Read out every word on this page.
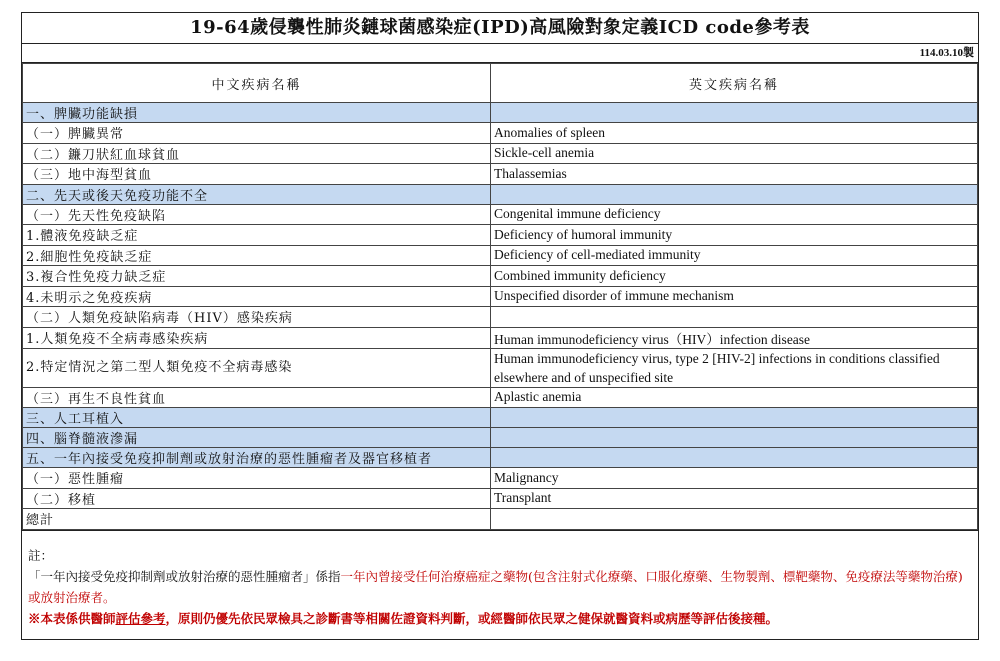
19-64歲侵襲性肺炎鏈球菌感染症(IPD)高風險對象定義ICD code參考表
114.03.10製
中文疾病名稱	英文疾病名稱
一、脾臟功能缺損	
（一）脾臟異常	Anomalies of spleen
（二）鐮刀狀紅血球貧血	Sickle-cell anemia
（三）地中海型貧血	Thalassemias
二、先天或後天免疫功能不全	
（一）先天性免疫缺陷	Congenital immune deficiency
1.體液免疫缺乏症	Deficiency of humoral immunity
2.細胞性免疫缺乏症	Deficiency of cell-mediated immunity
3.複合性免疫力缺乏症	Combined immunity deficiency
4.未明示之免疫疾病	Unspecified disorder of immune mechanism
（二）人類免疫缺陷病毒（HIV）感染疾病	
1.人類免疫不全病毒感染疾病	Human immunodeficiency virus（HIV）infection disease
2.特定情況之第二型人類免疫不全病毒感染	Human immunodeficiency virus, type 2 [HIV-2] infections in conditions classified elsewhere and of unspecified site
（三）再生不良性貧血	Aplastic anemia
三、人工耳植入	
四、腦脊髓液滲漏	
五、一年內接受免疫抑制劑或放射治療的惡性腫瘤者及器官移植者	
（一）惡性腫瘤	Malignancy
（二）移植	Transplant
總計	
註：
「一年內接受免疫抑制劑或放射治療的惡性腫瘤者」係指一年內曾接受任何治療癌症之藥物(包含注射式化療藥、口服化療藥、生物製劑、標靶藥物、免疫療法等藥物治療)或放射治療者。
※本表係供醫師評估參考，原則仍優先依民眾檢具之診斷書等相關佐證資料判斷，或經醫師依民眾之健保就醫資料或病歷等評估後接種。
